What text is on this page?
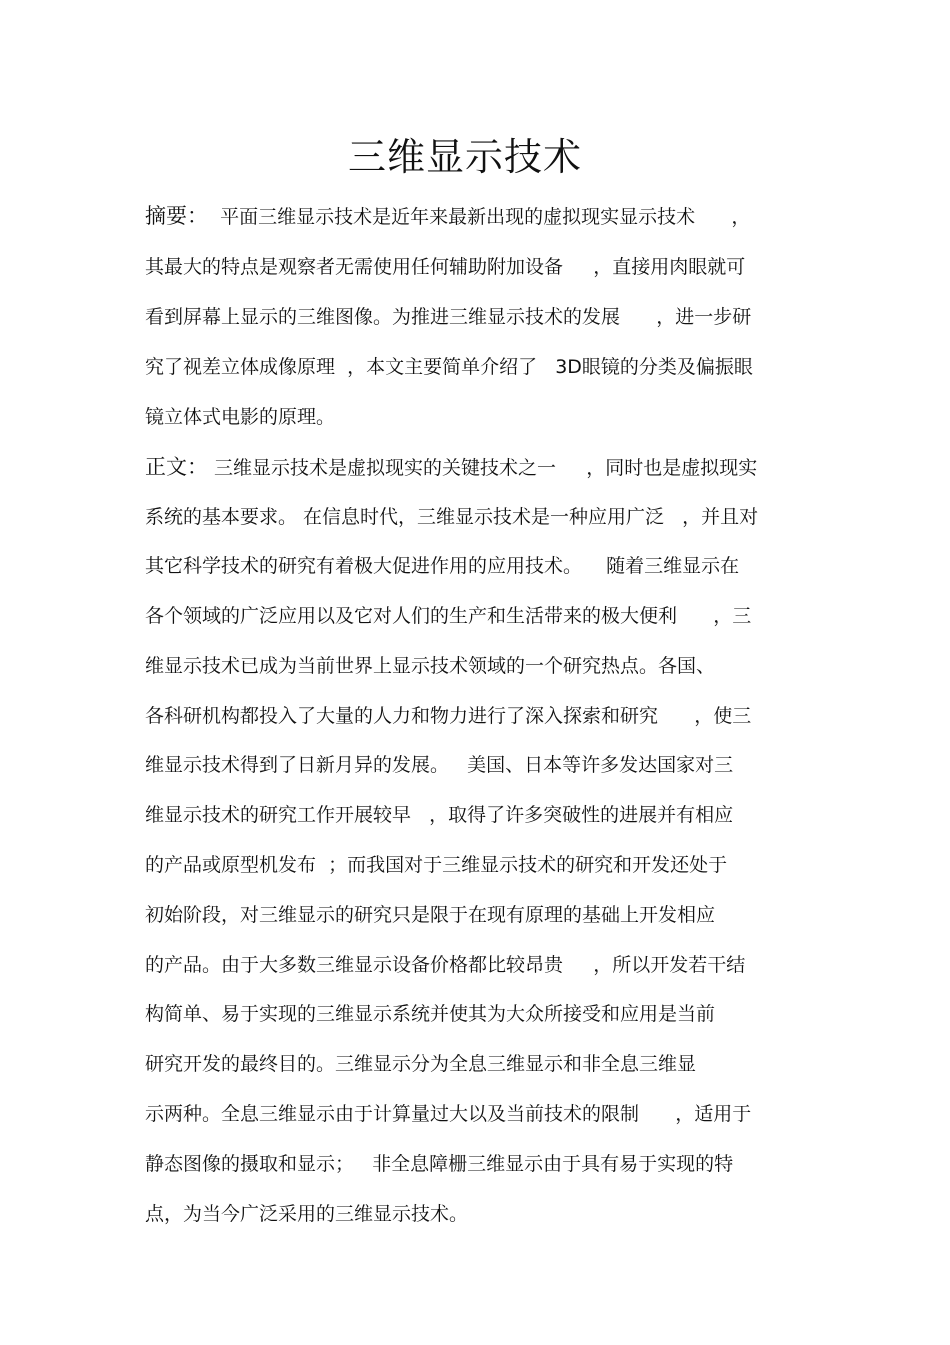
三维显示技术
摘要：  平面三维显示技术是近年来最新出现的虚拟现实显示技术      ，
其最大的特点是观察者无需使用任何辅助附加设备     ，直接用肉眼就可
看到屏幕上显示的三维图像。为推进三维显示技术的发展      ，进一步研
究了视差立体成像原理  ，本文主要简单介绍了   3D眼镜的分类及偏振眼
镜立体式电影的原理。
正文： 三维显示技术是虚拟现实的关键技术之一     ，同时也是虚拟现实
系统的基本要求。 在信息时代，三维显示技术是一种应用广泛   ，并且对
其它科学技术的研究有着极大促进作用的应用技术。    随着三维显示在
各个领域的广泛应用以及它对人们的生产和生活带来的极大便利      ，三
维显示技术已成为当前世界上显示技术领域的一个研究热点。各国、
各科研机构都投入了大量的人力和物力进行了深入探索和研究      ，使三
维显示技术得到了日新月异的发展。   美国、日本等许多发达国家对三
维显示技术的研究工作开展较早   ，取得了许多突破性的进展并有相应
的产品或原型机发布  ；而我国对于三维显示技术的研究和开发还处于
初始阶段，对三维显示的研究只是限于在现有原理的基础上开发相应
的产品。由于大多数三维显示设备价格都比较昂贵     ，所以开发若干结
构简单、易于实现的三维显示系统并使其为大众所接受和应用是当前
研究开发的最终目的。三维显示分为全息三维显示和非全息三维显
示两种。全息三维显示由于计算量过大以及当前技术的限制      ，适用于
静态图像的摄取和显示；   非全息障栅三维显示由于具有易于实现的特
点，为当今广泛采用的三维显示技术。
